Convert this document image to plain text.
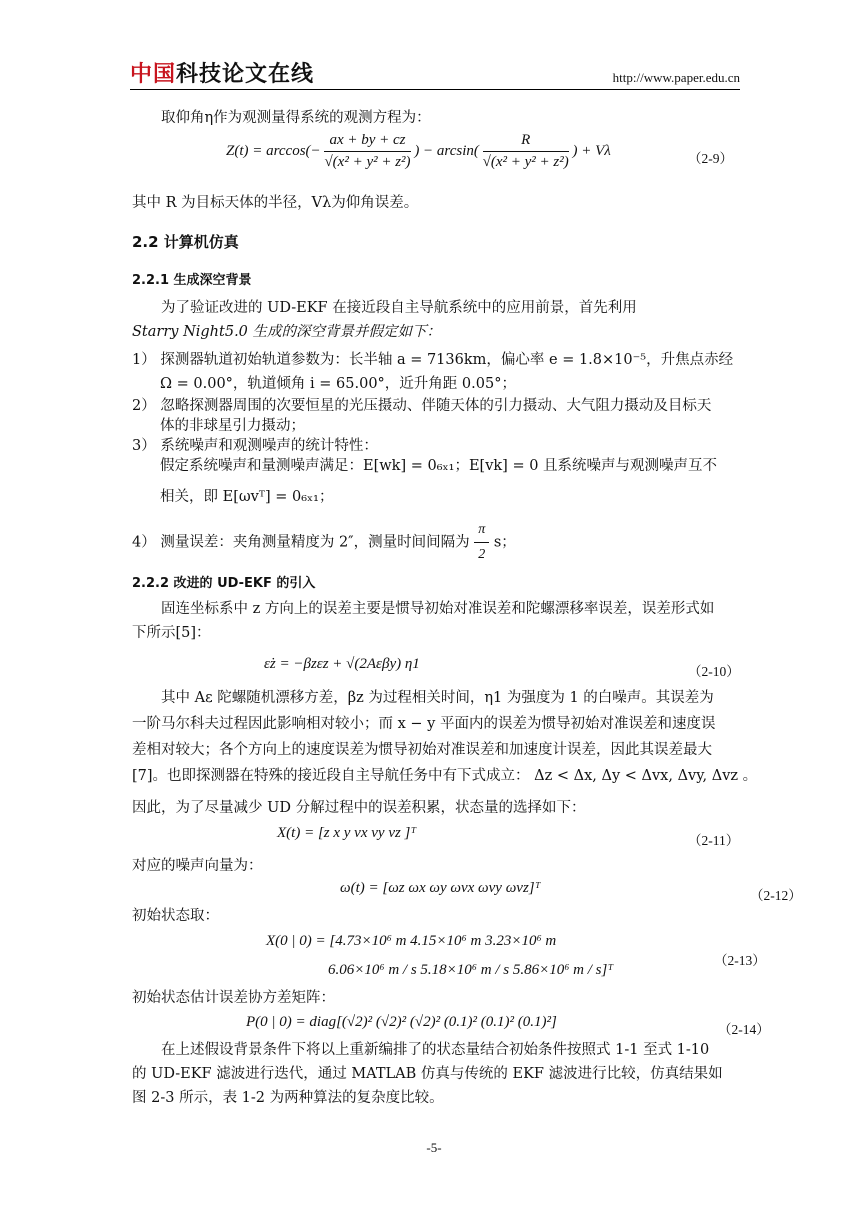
中国科技论文在线	http://www.paper.edu.cn
取仰角η作为观测量得系统的观测方程为：
$Z(t) = \arccos(- \frac{ax + by + cz}{\text{√(x² + y² + z²)}}$ ) − $\arcsin( \frac{R}{\text{√(x² + y² + z²)}}$ ) + Vλ	（2-9）
其中 R 为目标天体的半径，Vλ为仰角误差。
2.2 计算机仿真
2.2.1 生成深空背景
为了验证改进的 UD-EKF 在接近段自主导航系统中的应用前景，首先利用
Starry Night5.0 生成的深空背景并假定如下：
1） 探测器轨道初始轨道参数为：长半轴 a = 7136km，偏心率 e = 1.8×10⁻⁵，升焦点赤经
Ω = 0.00°，轨道倾角 i = 65.00°，近升角距 0.05°；
2） 忽略探测器周围的次要恒星的光压摄动、伴随天体的引力摄动、大气阻力摄动及目标天
体的非球星引力摄动；
3） 系统噪声和观测噪声的统计特性：
假定系统噪声和量测噪声满足：E[wk] = 0₆ₓ₁；E[vk] = 0 且系统噪声与观测噪声互不
相关，即 E[ωvᵀ] = 0₆ₓ₁；
4） 测量误差：夹角测量精度为 2″，测量时间间隔为 $\frac{\pi}{2}$ s；
2.2.2 改进的 UD-EKF 的引入
固连坐标系中 z 方向上的误差主要是惯导初始对准误差和陀螺漂移率误差，误差形式如
下所示[5]：
ε̇z = −βzεz + √(2Aεβy) η1	（2-10）
其中 Aε 陀螺随机漂移方差，βz 为过程相关时间，η1 为强度为 1 的白噪声。其误差为
一阶马尔科夫过程因此影响相对较小；而 x − y 平面内的误差为惯导初始对准误差和速度误
差相对较大；各个方向上的速度误差为惯导初始对准误差和加速度计误差，因此其误差最大
[7]。也即探测器在特殊的接近段自主导航任务中有下式成立： Δz < Δx, Δy < Δvx, Δvy, Δvz 。
因此，为了尽量减少 UD 分解过程中的误差积累，状态量的选择如下：
X(t) = [z x y vx vy vz ]ᵀ	（2-11）
对应的噪声向量为：
ω(t) = [ωz ωx ωy ωvx ωvy ωvz]ᵀ	（2-12）
初始状态取：
X(0 | 0) = [4.73×10⁶ m 4.15×10⁶ m 3.23×10⁶ m
6.06×10⁶ m / s 5.18×10⁶ m / s 5.86×10⁶ m / s]ᵀ
（2-13）
初始状态估计误差协方差矩阵：
P(0 | 0) = diag[(√2)² (√2)² (√2)² (0.1)² (0.1)² (0.1)²]	（2-14）
在上述假设背景条件下将以上重新编排了的状态量结合初始条件按照式 1-1 至式 1-10
的 UD-EKF 滤波进行迭代，通过 MATLAB 仿真与传统的 EKF 滤波进行比较，仿真结果如
图 2-3 所示，表 1-2 为两种算法的复杂度比较。
-5-
